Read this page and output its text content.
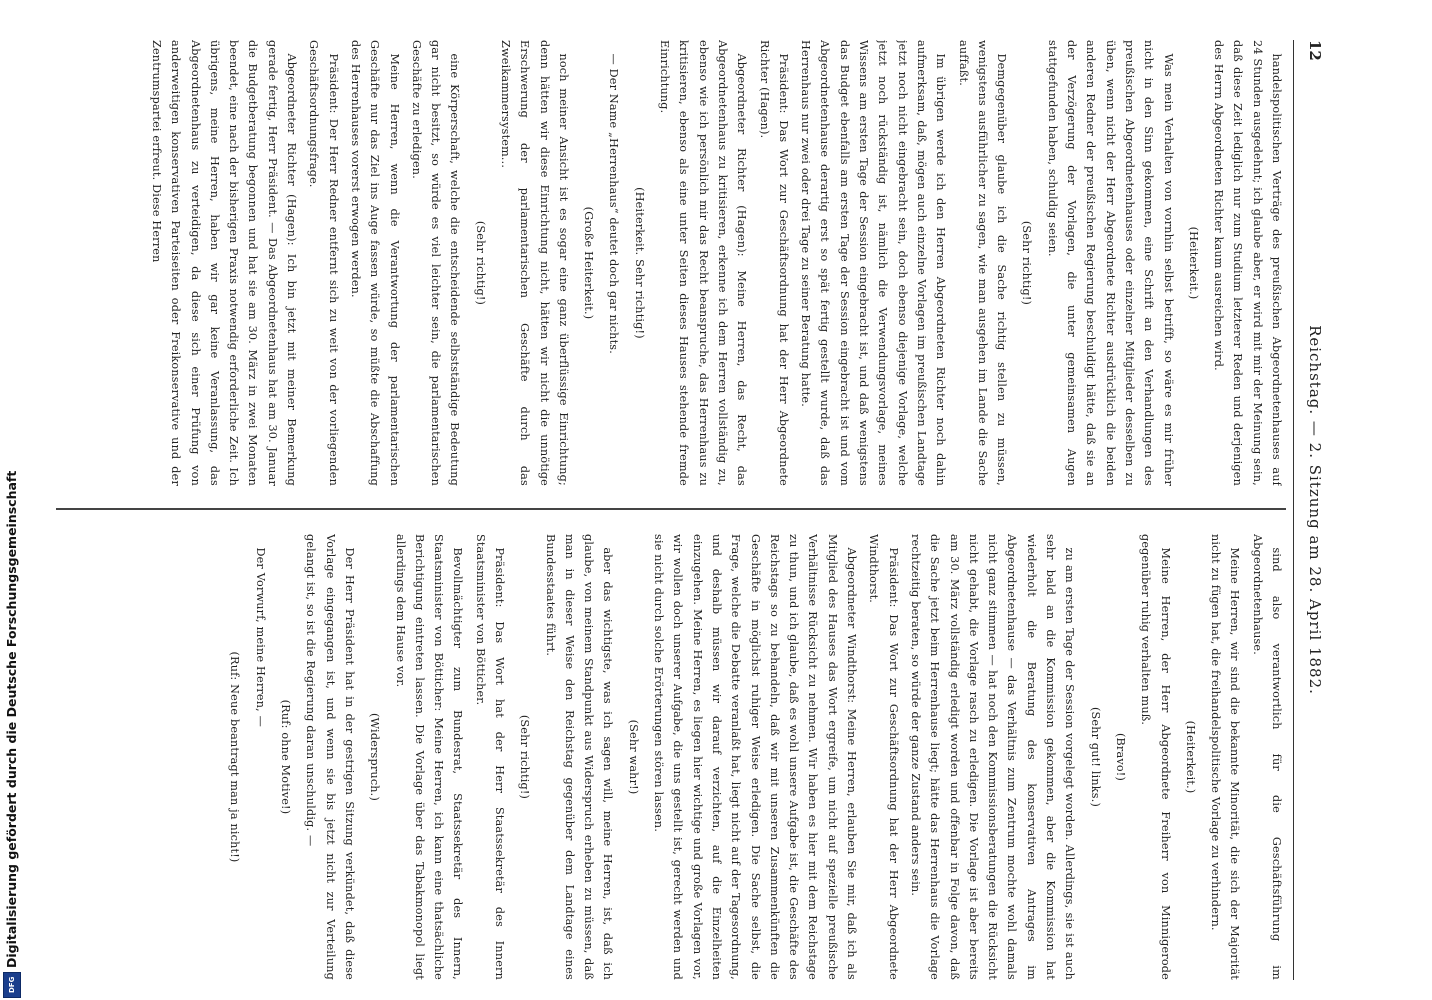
12
Reichstag. — 2. Sitzung am 28. April 1882.

handelspolitischen Verträge des preußischen Abgeordnetenhauses auf 24 Stunden ausgedehnt; ich glaube aber, er wird mit mir der Meinung sein, daß diese Zeit lediglich nur zum Studium letzterer Reden und derjenigen des Herrn Abgeordneten Richter kaum ausreichen wird.

(Heiterkeit.)

Was mein Verhalten von vornhin selbst betrifft, so wäre es mir früher nicht in den Sinn gekommen, eine Schrift an den Verhandlungen des preußischen Abgeordnetenhauses oder einzelner Mitglieder desselben zu üben, wenn nicht der Herr Abgeordnete Richter ausdrücklich die beiden anderen Redner der preußischen Regierung beschuldigt hätte, daß sie an der Verzögerung der Vorlagen, die unter gemeinsamen Augen stattgefunden haben, schuldig seien.

(Sehr richtig!)

Demgegenüber glaube ich die Sache richtig stellen zu müssen, wenigstens ausführlicher zu sagen, wie man ausgehen im Lande die Sache auffaßt.

Im übrigen werde ich den Herren Abgeordneten Richter noch dahin aufmerksam, daß, mögen auch einzelne Vorlagen im preußischen Landtage jetzt noch nicht eingebracht sein, doch ebenso diejenige Vorlage, welche jetzt noch rückständig ist, nämlich die Verwendungsvorlage, meines Wissens am ersten Tage der Session eingebracht ist, und daß wenigstens das Budget ebenfalls am ersten Tage der Session eingebracht ist und vom Abgeordnetenhause derartig erst so spät fertig gestellt wurde, daß das Herrenhaus nur zwei oder drei Tage zu seiner Beratung hatte.

Präsident: Das Wort zur Geschäftsordnung hat der Herr Abgeordnete Richter (Hagen).

Abgeordneter Richter (Hagen): Meine Herren, das Recht, das Abgeordnetenhaus zu kritisieren, erkenne ich dem Herren vollständig zu, ebenso wie ich persönlich mir das Recht beanspruche, das Herrenhaus zu kritisieren, ebenso als eine unter Seiten dieses Hauses stehende fremde Einrichtung.

(Heiterkeit. Sehr richtig!)

— Der Name „Herrenhaus“ deutet doch gar nichts.

(Große Heiterkeit.)

noch meiner Ansicht ist es sogar eine ganz überflüssige Einrichtung; denn hätten wir diese Einrichtung nicht, hätten wir nicht die unnötige Erschwerung der parlamentarischen Geschäfte durch das Zweikammersystem...

(Sehr richtig!)

eine Körperschaft, welche die entscheidende selbstständige Bedeutung gar nicht besitzt, so würde es viel leichter sein, die parlamentarischen Geschäfte zu erledigen.

Meine Herren, wenn die Verantwortung der parlamentarischen Geschäfte nur das Ziel ins Auge fassen würde, so müßte die Abschaffung des Herrenhauses vorerst erwogen werden.

Präsident: Der Herr Redner entfernt sich zu weit von der vorliegenden Geschäftsordnungsfrage.

Abgeordneter Richter (Hagen): Ich bin jetzt mit meiner Bemerkung gerade fertig, Herr Präsident. — Das Abgeordnetenhaus hat am 30. Januar die Budgetberatung begonnen und hat sie am 30. März in zwei Monaten beendet, eine nach der bisherigen Praxis notwendig erforderliche Zeit. Ich übrigens, meine Herren, haben wir gar keine Veranlassung, das Abgeordnetenhaus zu verteidigen, da diese sich einer Prüfung von anderweitigen konservativen Parteiseiten oder Freikonservative und der Zentrumspartei erfreut. Diese Herren

sind also verantwortlich für die Geschäftsführung im Abgeordnetenhause.

Meine Herren, wir sind die bekannte Minorität, die sich der Majorität nicht zu fügen hat, die freihandelspolitische Vorlage zu verhindern.

(Heiterkeit.)

Meine Herren, der Herr Abgeordnete Freiherr von Minnigerode gegenüber ruhig verhalten muß.

(Bravo!)

(Sehr gut! links.)

zu am ersten Tage der Session vorgelegt worden. Allerdings, sie ist auch sehr bald an die Kommission gekommen, aber die Kommission hat wiederholt die Beratung des konservativen Antrages im Abgeordnetenhause — das Verhältnis zum Zentrum mochte wohl damals nicht ganz stimmen — hat noch den Kommissionsberatungen die Rücksicht nicht gehabt, die Vorlage rasch zu erledigen. Die Vorlage ist aber bereits am 30. März vollständig erledigt worden und offenbar in Folge davon, daß die Sache jetzt beim Herrenhause liegt; hätte das Herrenhaus die Vorlage rechtzeitig beraten, so würde der ganze Zustand anders sein.

Präsident: Das Wort zur Geschäftsordnung hat der Herr Abgeordnete Windthorst.

Abgeordneter Windthorst: Meine Herren, erlauben Sie mir, daß ich als Mitglied des Hauses das Wort ergreife, um nicht auf spezielle preußische Verhältnisse Rücksicht zu nehmen. Wir haben es hier mit dem Reichstage zu thun, und ich glaube, daß es wohl unsere Aufgabe ist, die Geschäfte des Reichstags so zu behandeln, daß wir mit unseren Zusammenkünften die Geschäfte in möglichst ruhiger Weise erledigen. Die Sache selbst, die Frage, welche die Debatte veranlaßt hat, liegt nicht auf der Tagesordnung, und deshalb müssen wir darauf verzichten, auf die Einzelheiten einzugehen. Meine Herren, es liegen hier wichtige und große Vorlagen vor, wir wollen doch unserer Aufgabe, die uns gestellt ist, gerecht werden und sie nicht durch solche Erörterungen stören lassen.

(Sehr wahr!)

aber das wichtigste, was ich sagen will, meine Herren, ist, daß ich glaube, von meinem Standpunkt aus Widerspruch erheben zu müssen, daß man in dieser Weise den Reichstag gegenüber dem Landtage eines Bundesstaates führt.

(Sehr richtig!)

Präsident: Das Wort hat der Herr Staatssekretär des Innern Staatsminister von Bötticher.

Bevollmächtigter zum Bundesrat, Staatssekretär des Innern, Staatsminister von Bötticher: Meine Herren, ich kann eine thatsächliche Berichtigung eintreten lassen. Die Vorlage über das Tabakmonopol liegt allerdings dem Hause vor.

(Widerspruch.)

Der Herr Präsident hat in der gestrigen Sitzung verkündet, daß diese Vorlage eingegangen ist, und wenn sie bis jetzt nicht zur Verteilung gelangt ist, so ist die Regierung daran unschuldig. —

(Ruf: ohne Motive!)

Der Vorwurf, meine Herren, —

(Ruf: Neue beantragt man ja nicht!)

Digitalisierung gefördert durch die Deutsche Forschungsgemeinschaft
DFG
